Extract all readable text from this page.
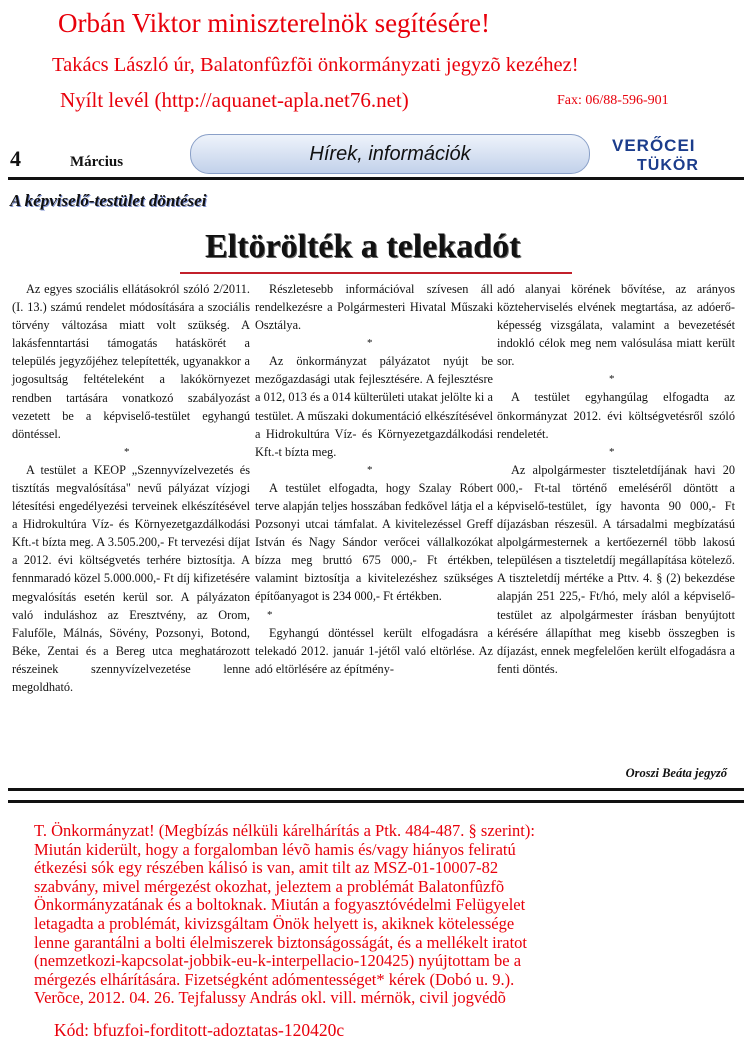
Orbán Viktor miniszterelnök segítésére!
Takács László úr, Balatonfûzfõi önkormányzati jegyzõ kezéhez!
Nyílt levél (http://aquanet-apla.net76.net)	Fax: 06/88-596-901
4	Március	Hírek, információk	VERŐCEI
TÜKÖR
A képviselő-testület döntései
Eltörölték a telekadót

Az egyes szociális ellátásokról szóló 2/2011. (I. 13.) számú rendelet módosítására a szociális törvény változása miatt volt szükség. A lakásfenntartási támogatás hatáskörét a település jegyzőjéhez telepítették, ugyanakkor a jogosultság feltételeként a lakókörnyezet rendben tartására vonatkozó szabályozást vezetett be a képviselő-testület egyhangú döntéssel.

*

A testület a KEOP „Szennyvízelvezetés és tisztítás megvalósítása" nevű pályázat vízjogi létesítési engedélyezési terveinek elkészítésével a Hidrokultúra Víz- és Környezetgazdálkodási Kft.-t bízta meg. A 3.505.200,- Ft tervezési díjat a 2012. évi költségvetés terhére biztosítja. A fennmaradó közel 5.000.000,- Ft díj kifizetésére megvalósítás esetén kerül sor. A pályázaton való induláshoz az Eresztvény, az Orom, Falufőle, Málnás, Sövény, Pozsonyi, Botond, Béke, Zentai és a Bereg utca meghatározott részeinek szennyvízelvezetése lenne megoldható.

Részletesebb információval szívesen áll rendelkezésre a Polgármesteri Hivatal Műszaki Osztálya.

*

Az önkormányzat pályázatot nyújt be mezőgazdasági utak fejlesztésére. A fejlesztésre a 012, 013 és a 014 külterületi utakat jelölte ki a testület. A műszaki dokumentáció elkészítésével a Hidrokultúra Víz- és Környezetgazdálkodási Kft.-t bízta meg.

*

A testület elfogadta, hogy Szalay Róbert terve alapján teljes hosszában fedkővel látja el a Pozsonyi utcai támfalat. A kivitelezéssel Greff István és Nagy Sándor verőcei vállalkozókat bízza meg bruttó 675 000,- Ft értékben, valamint biztosítja a kivitelezéshez szükséges építőanyagot is 234 000,- Ft értékben.

*

Egyhangú döntéssel került elfogadásra a telekadó 2012. január 1-jétől való eltörlése. Az adó eltörlésére az építmény-

adó alanyai körének bővítése, az arányos közteherviselés elvének megtartása, az adóerő-képesség vizsgálata, valamint a bevezetését indokló célok meg nem valósulása miatt került sor.

*

A testület egyhangúlag elfogadta az önkormányzat 2012. évi költségvetésről szóló rendeletét.

*

Az alpolgármester tiszteletdíjának havi 20 000,- Ft-tal történő emeléséről döntött a képviselő-testület, így havonta 90 000,- Ft díjazásban részesül. A társadalmi megbízatású alpolgármesternek a kertőezernél több lakosú településen a tiszteletdíj megállapítása kötelező. A tiszteletdíj mértéke a Pttv. 4. § (2) bekezdése alapján 251 225,- Ft/hó, mely alól a képviselő-testület az alpolgármester írásban benyújtott kérésére állapíthat meg kisebb összegben is díjazást, ennek megfelelően került elfogadásra a fenti döntés.

Oroszi Beáta jegyző
T. Önkormányzat! (Megbízás nélküli kárelhárítás a Ptk. 484-487. § szerint):
Miután kiderült, hogy a forgalomban lévõ hamis és/vagy hiányos feliratú
étkezési sók egy részében kálisó is van, amit tilt az MSZ-01-10007-82
szabvány, mivel mérgezést okozhat, jeleztem a problémát Balatonfûzfõ
Önkormányzatának és a boltoknak. Miután a fogyasztóvédelmi Felügyelet
letagadta a problémát, kivizsgáltam Önök helyett is, akiknek kötelessége
lenne garantálni a bolti élelmiszerek biztonságosságát, és a mellékelt iratot
(nemzetkozi-kapcsolat-jobbik-eu-k-interpellacio-120425) nyújtottam be a
mérgezés elhárítására. Fizetségként adómentességet* kérek (Dobó u. 9.).
Verõce, 2012. 04. 26. Tejfalussy András okl. vill. mérnök, civil jogvédõ
Kód: bfuzfoi-forditott-adoztatas-120420c
